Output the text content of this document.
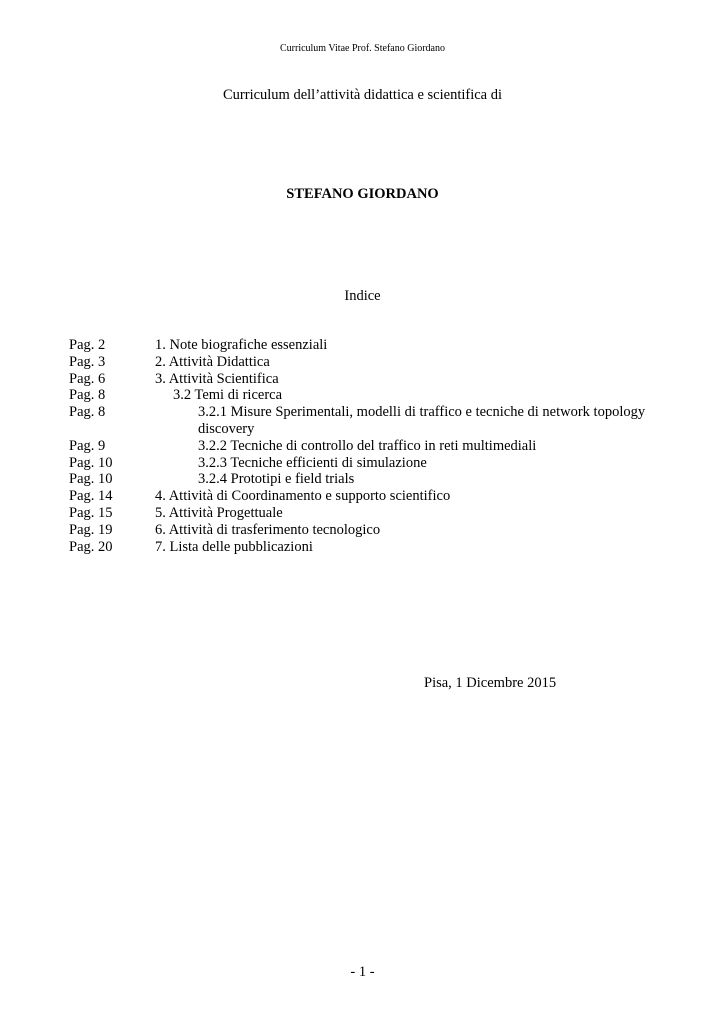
Curriculum Vitae Prof. Stefano Giordano
Curriculum dell’attività didattica e scientifica di
STEFANO GIORDANO
Indice
Pag. 2	1. Note biografiche essenziali
Pag. 3	2. Attività Didattica
Pag. 6	3. Attività Scientifica
Pag. 8	3.2 Temi di ricerca
Pag. 8	3.2.1 Misure Sperimentali, modelli di traffico e tecniche di network topology discovery
Pag. 9	3.2.2 Tecniche di controllo del traffico in reti multimediali
Pag. 10	3.2.3 Tecniche efficienti di simulazione
Pag. 10	3.2.4 Prototipi e field trials
Pag. 14	4. Attività di Coordinamento e supporto scientifico
Pag. 15	5. Attività Progettuale
Pag. 19	6. Attività di trasferimento tecnologico
Pag. 20	7. Lista delle pubblicazioni
Pisa, 1 Dicembre 2015
- 1 -
